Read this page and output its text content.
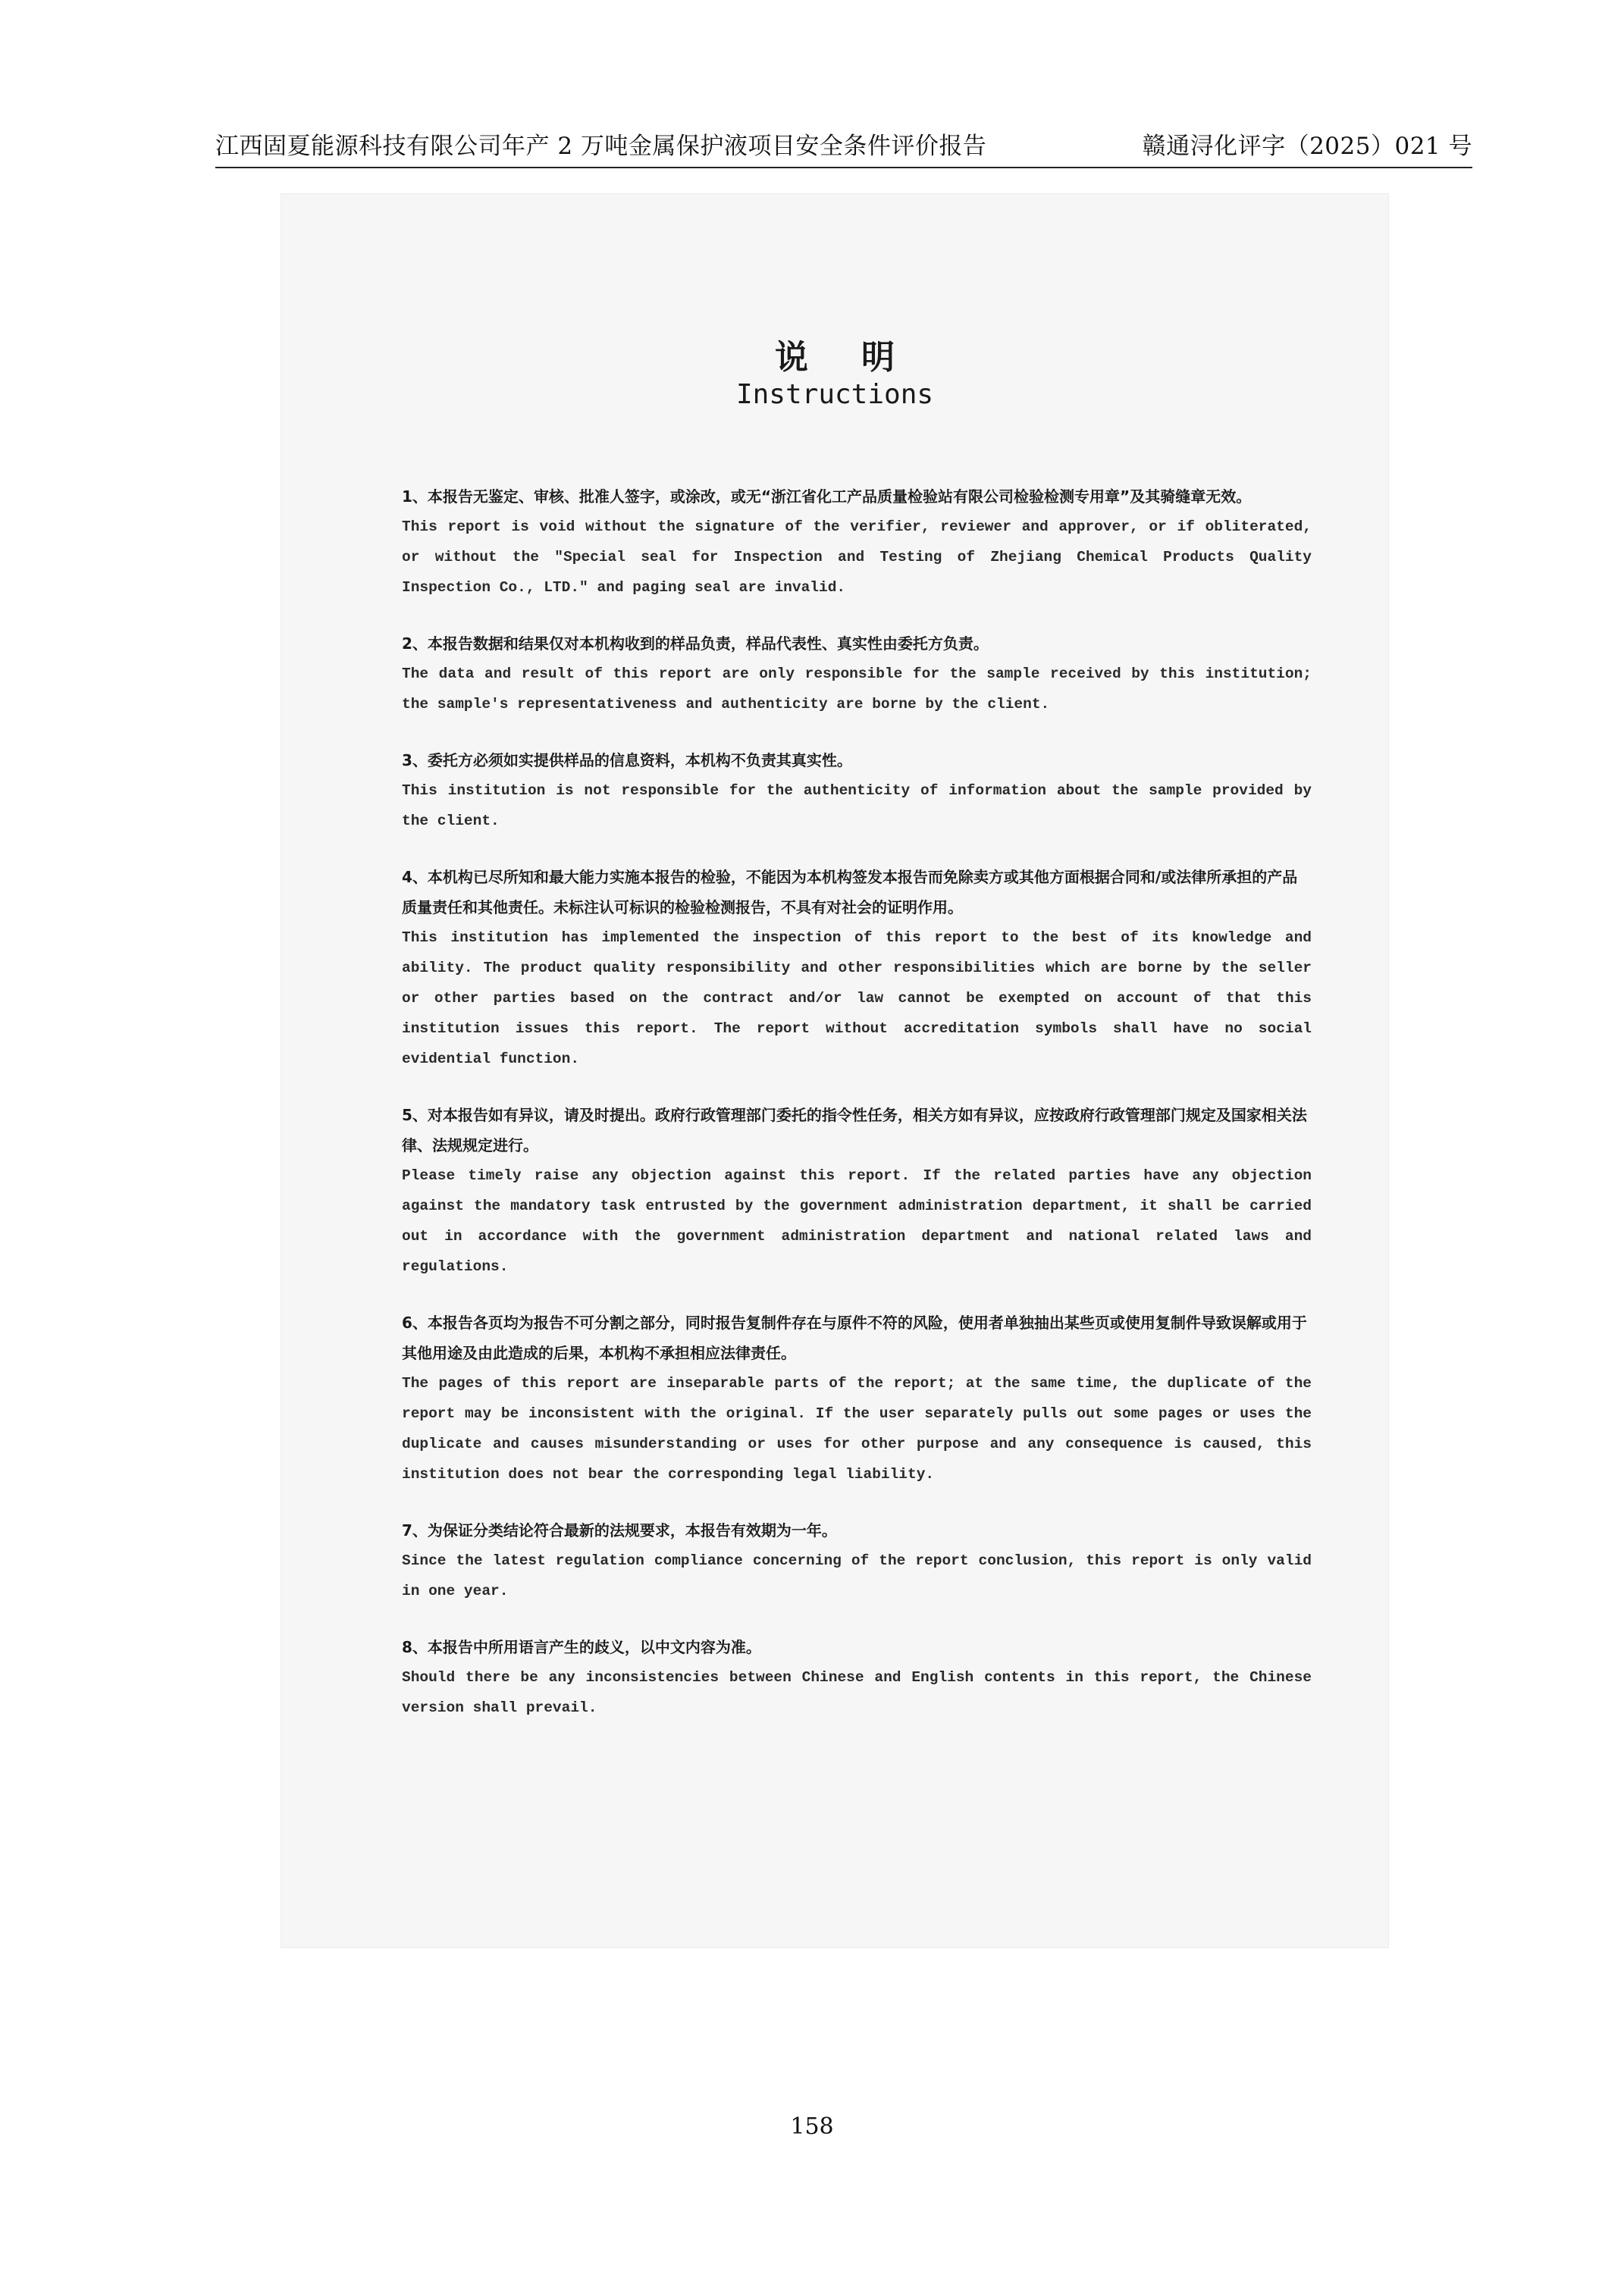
江西固夏能源科技有限公司年产 2 万吨金属保护液项目安全条件评价报告	赣通浔化评字（2025）021 号
说明
Instructions
1、本报告无鉴定、审核、批准人签字，或涂改，或无“浙江省化工产品质量检验站有限公司检验检测专用章”及其骑缝章无效。
This report is void without the signature of the verifier, reviewer and approver, or if obliterated, or without the "Special seal for Inspection and Testing of Zhejiang Chemical Products Quality Inspection Co., LTD." and paging seal are invalid.
2、本报告数据和结果仅对本机构收到的样品负责，样品代表性、真实性由委托方负责。
The data and result of this report are only responsible for the sample received by this institution; the sample's representativeness and authenticity are borne by the client.
3、委托方必须如实提供样品的信息资料，本机构不负责其真实性。
This institution is not responsible for the authenticity of information about the sample provided by the client.
4、本机构已尽所知和最大能力实施本报告的检验，不能因为本机构签发本报告而免除卖方或其他方面根据合同和/或法律所承担的产品质量责任和其他责任。未标注认可标识的检验检测报告，不具有对社会的证明作用。
This institution has implemented the inspection of this report to the best of its knowledge and ability. The product quality responsibility and other responsibilities which are borne by the seller or other parties based on the contract and/or law cannot be exempted on account of that this institution issues this report. The report without accreditation symbols shall have no social evidential function.
5、对本报告如有异议，请及时提出。政府行政管理部门委托的指令性任务，相关方如有异议，应按政府行政管理部门规定及国家相关法律、法规规定进行。
Please timely raise any objection against this report. If the related parties have any objection against the mandatory task entrusted by the government administration department, it shall be carried out in accordance with the government administration department and national related laws and regulations.
6、本报告各页均为报告不可分割之部分，同时报告复制件存在与原件不符的风险，使用者单独抽出某些页或使用复制件导致误解或用于其他用途及由此造成的后果，本机构不承担相应法律责任。
The pages of this report are inseparable parts of the report; at the same time, the duplicate of the report may be inconsistent with the original. If the user separately pulls out some pages or uses the duplicate and causes misunderstanding or uses for other purpose and any consequence is caused, this institution does not bear the corresponding legal liability.
7、为保证分类结论符合最新的法规要求，本报告有效期为一年。
Since the latest regulation compliance concerning of the report conclusion, this report is only valid in one year.
8、本报告中所用语言产生的歧义，以中文内容为准。
Should there be any inconsistencies between Chinese and English contents in this report, the Chinese version shall prevail.
158
